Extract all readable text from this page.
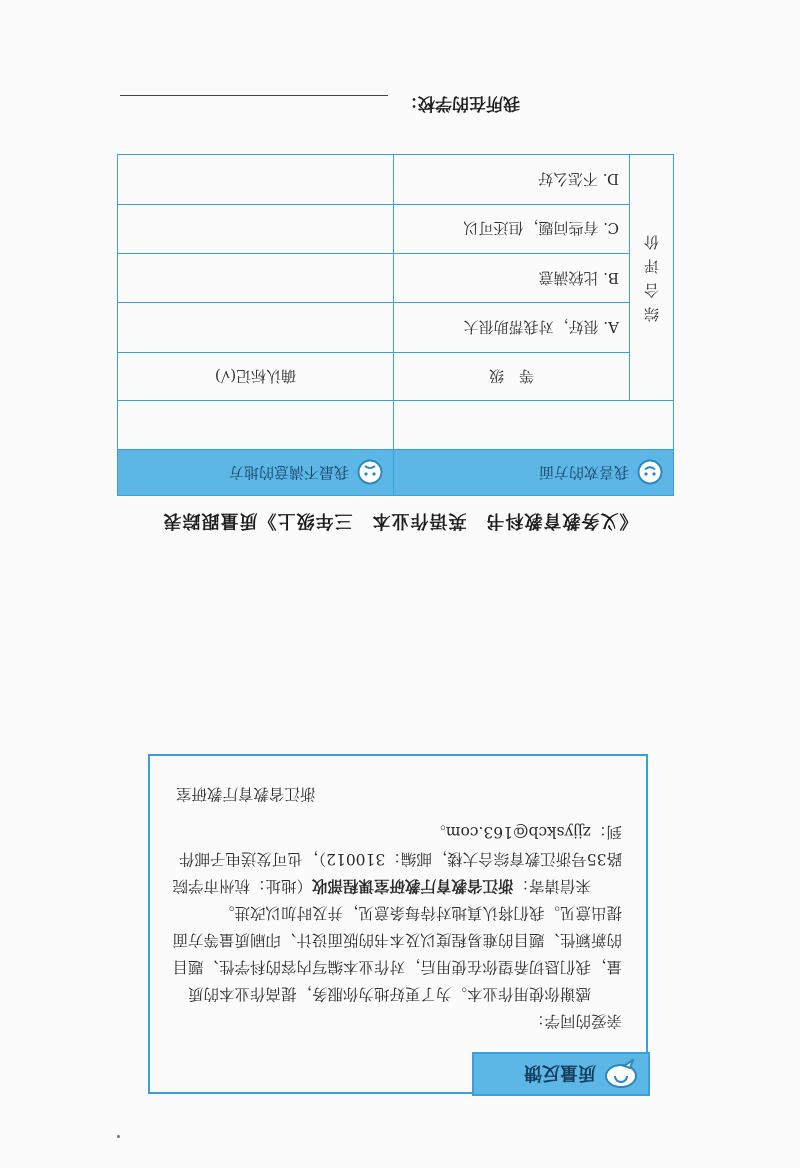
质量反馈

亲爱的同学：

感谢你使用作业本。为了更好地为你服务，提高作业本的质量，我们恳切希望你在使用后，对作业本编写内容的科学性、题目的新颖性、题目的难易程度以及本书的版面设计、印刷质量等方面提出意见。我们将认真地对待每条意见，并及时加以改进。

来信请寄：浙江省教育厅教研室课程部收（地址：杭州市学院路35号浙江教育综合大楼，邮编：310012），也可发送电子邮件到：zjjyskcb@163.com。

浙江省教育厅教研室
《义务教育教科书　英语作业本　三年级上》质量跟踪表
我喜欢的方面		我最不满意的地方

综合评价	等　级	确认标记(√)
	A. 很好，对我帮助很大	
	B. 比较满意	
	C. 有些问题，但还可以	
	D. 不怎么好	
我所在的学校：
